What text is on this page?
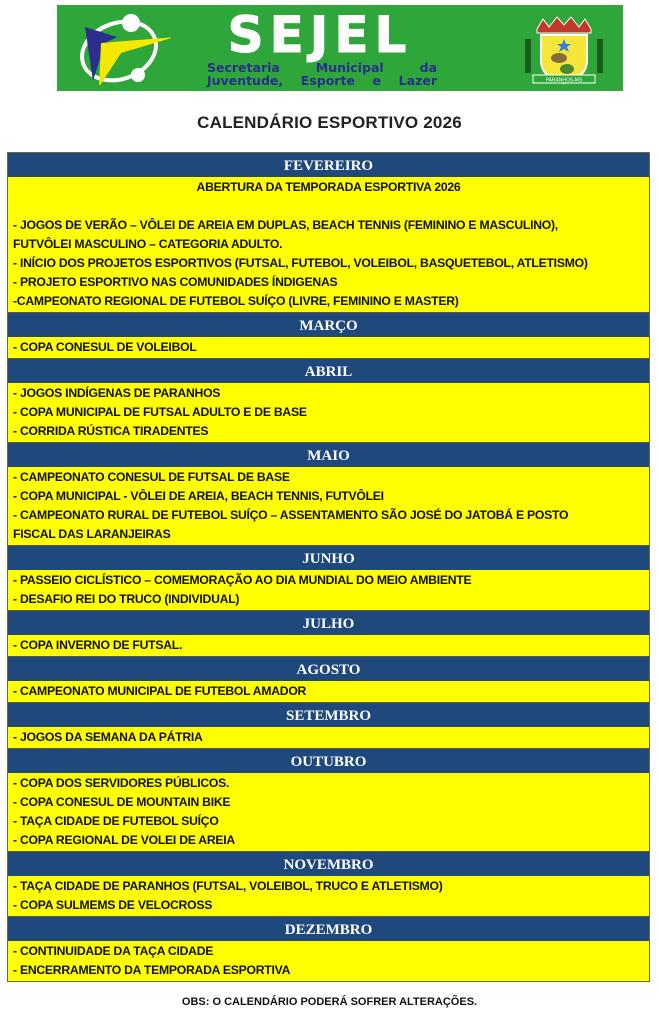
SEJEL
Secretaria Municipal da
Juventude, Esporte e Lazer	PARANHOS-MS
CALENDÁRIO ESPORTIVO 2026
FEVEREIRO
ABERTURA DA TEMPORADA ESPORTIVA 2026
- JOGOS DE VERÃO – VÔLEI DE AREIA EM DUPLAS, BEACH TENNIS (FEMININO E MASCULINO),
FUTVÔLEI MASCULINO – CATEGORIA ADULTO.
- INÍCIO DOS PROJETOS ESPORTIVOS (FUTSAL, FUTEBOL, VOLEIBOL, BASQUETEBOL, ATLETISMO)
- PROJETO ESPORTIVO NAS COMUNIDADES ÍNDIGENAS
-CAMPEONATO REGIONAL DE FUTEBOL SUÍÇO (LIVRE, FEMININO E MASTER)
MARÇO
- COPA CONESUL DE VOLEIBOL
ABRIL
- JOGOS INDÍGENAS DE PARANHOS
- COPA MUNICIPAL DE FUTSAL ADULTO E DE BASE
- CORRIDA RÚSTICA TIRADENTES
MAIO
- CAMPEONATO CONESUL DE FUTSAL DE BASE
- COPA MUNICIPAL - VÔLEI DE AREIA, BEACH TENNIS, FUTVÔLEI
- CAMPEONATO RURAL DE FUTEBOL SUÍÇO – ASSENTAMENTO SÃO JOSÉ DO JATOBÁ E POSTO
FISCAL DAS LARANJEIRAS
JUNHO
- PASSEIO CICLÍSTICO – COMEMORAÇÃO AO DIA MUNDIAL DO MEIO AMBIENTE
- DESAFIO REI DO TRUCO (INDIVIDUAL)
JULHO
- COPA INVERNO DE FUTSAL.
AGOSTO
- CAMPEONATO MUNICIPAL DE FUTEBOL AMADOR
SETEMBRO
- JOGOS DA SEMANA DA PÁTRIA
OUTUBRO
- COPA DOS SERVIDORES PÚBLICOS.
- COPA CONESUL DE MOUNTAIN BIKE
- TAÇA CIDADE DE FUTEBOL SUÍÇO
- COPA REGIONAL DE VOLEI DE AREIA
NOVEMBRO
- TAÇA CIDADE DE PARANHOS (FUTSAL, VOLEIBOL, TRUCO E ATLETISMO)
- COPA SULMEMS DE VELOCROSS
DEZEMBRO
- CONTINUIDADE DA TAÇA CIDADE
- ENCERRAMENTO DA TEMPORADA ESPORTIVA
OBS: O CALENDÁRIO PODERÁ SOFRER ALTERAÇÕES.
